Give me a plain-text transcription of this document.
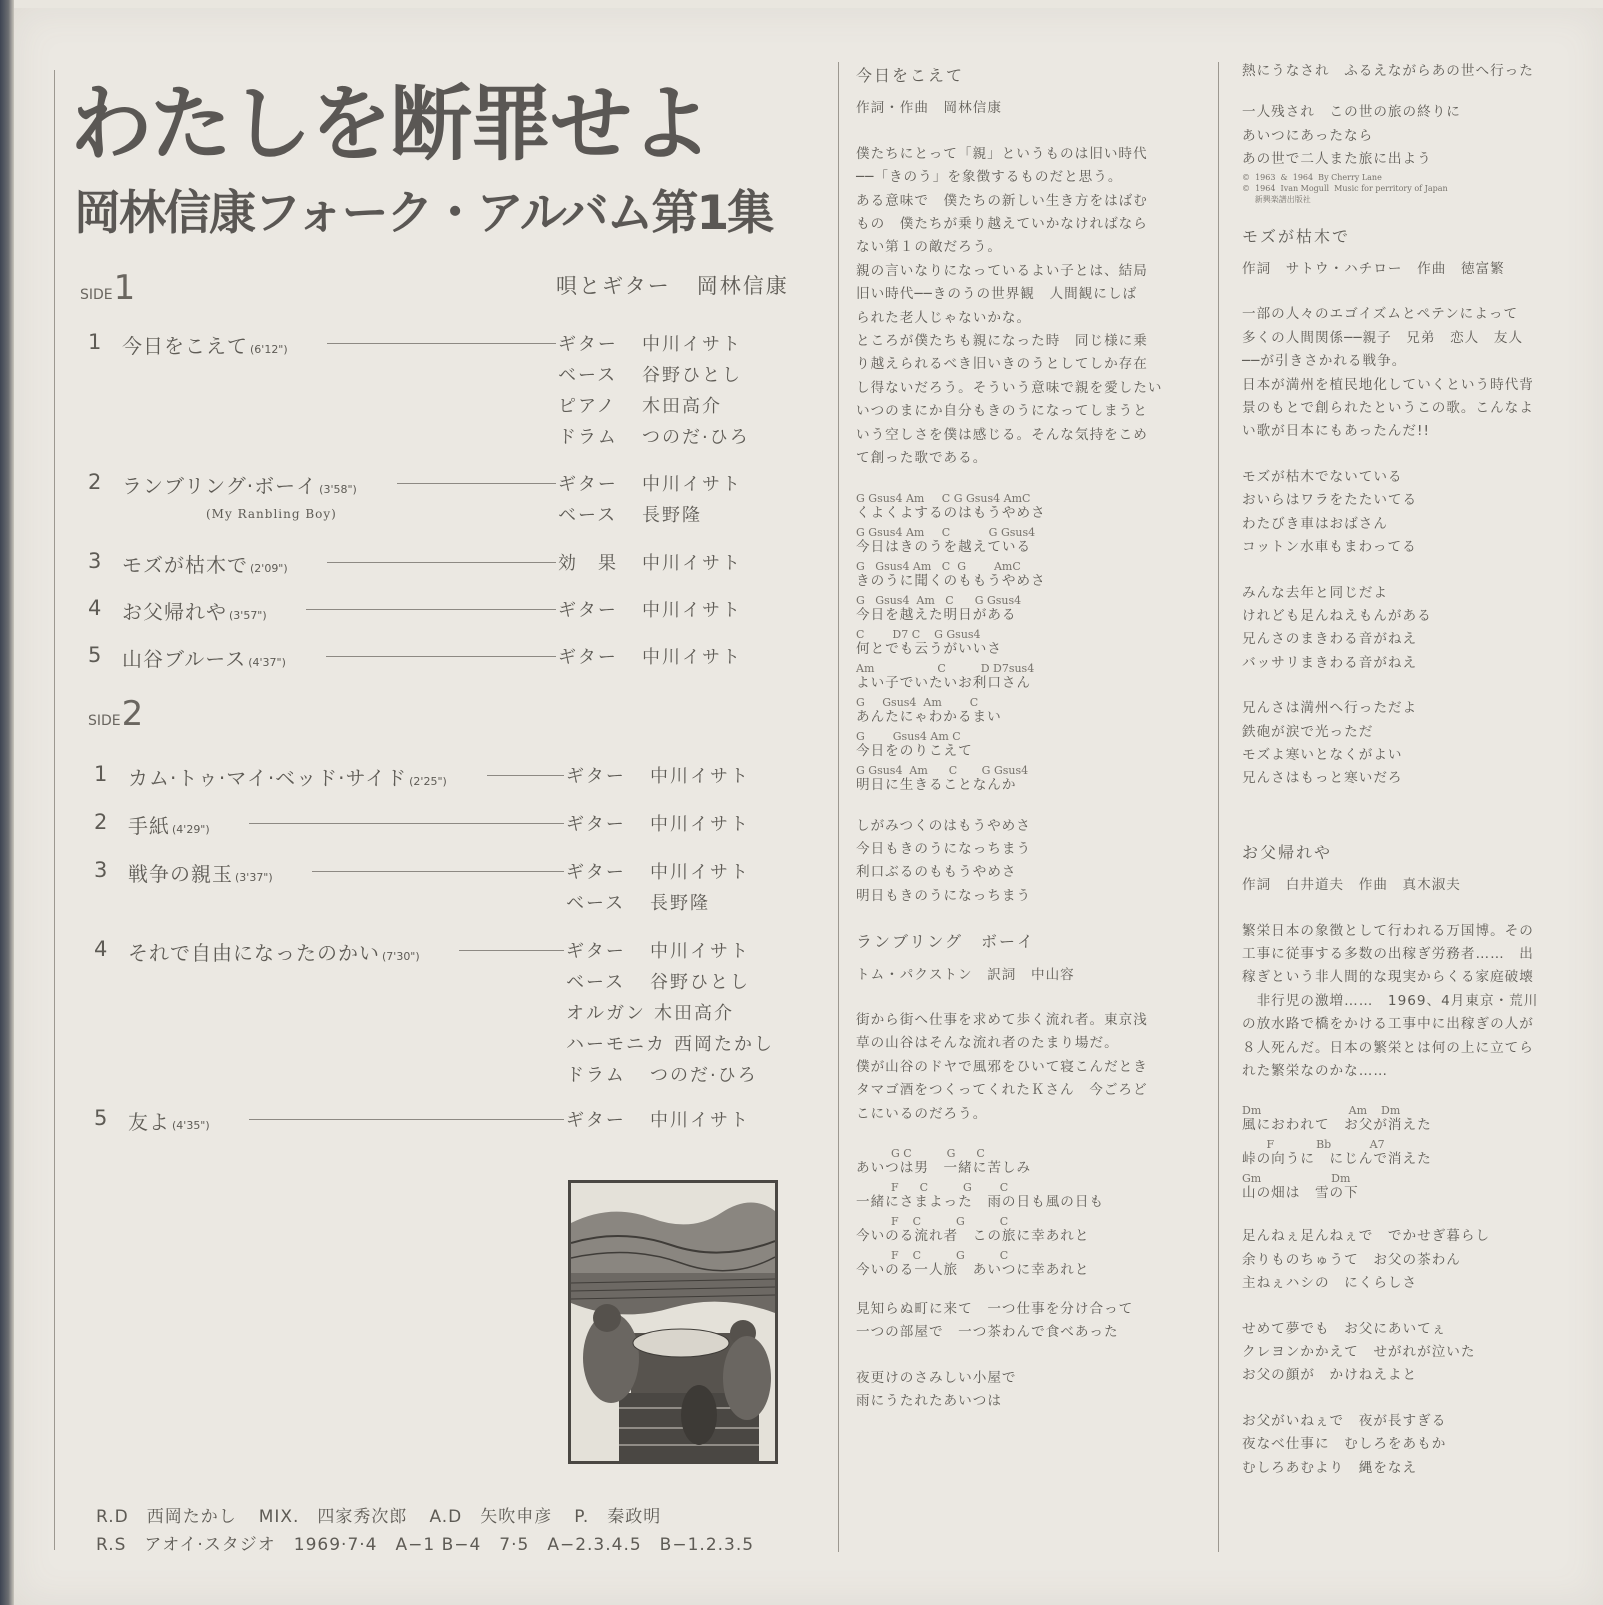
わたしを断罪せよ
岡林信康フォーク・アルバム第1集
唄とギター 岡林信康
SIDE1
1 今日をこえて (6'12")	ギター 中川イサト
ベース 谷野ひとし
ピアノ 木田高介
ドラム つのだ·ひろ
2 ランブリング·ボーイ (3'58")	ギター 中川イサト
ベース 長野隆
3 モズが枯木で (2'09")	効　果 中川イサト
4 お父帰れや (3'57")	ギター 中川イサト
5 山谷ブルース (4'37")	ギター 中川イサト
SIDE2
1 カム·トゥ·マイ·ベッド·サイド (2'25")	ギター 中川イサト
2 手紙 (4'29")	ギター 中川イサト
3 戦争の親玉 (3'37")	ギター 中川イサト
ベース 長野隆
4 それで自由になったのかい (7'30")	ギター 中川イサト
ベース 谷野ひとし
オルガン 木田高介
ハーモニカ 西岡たかし
ドラム つのだ·ひろ
5 友よ (4'35")	ギター 中川イサト
(My Ranbling Boy)
R.D　西岡たかし MIX.　四家秀次郎 A.D　矢吹申彦 P.　秦政明
R.S　アオイ·スタジオ　1969·7·4　A−1 B−4　7·5　A−2.3.4.5　B−1.2.3.5
今日をこえて
作詞・作曲　岡林信康
僕たちにとって「親」というものは旧い時代
──「きのう」を象徴するものだと思う。
ある意味で　僕たちの新しい生き方をはばむ
もの　僕たちが乗り越えていかなければなら
ない第１の敵だろう。
親の言いなりになっているよい子とは、結局
旧い時代──きのうの世界観　人間観にしば
られた老人じゃないかな。
ところが僕たちも親になった時　同じ様に乗
り越えられるべき旧いきのうとしてしか存在
し得ないだろう。そういう意味で親を愛したい
いつのまにか自分もきのうになってしまうと
いう空しさを僕は感じる。そんな気持をこめ
て創った歌である。
G Gsus4 Am     C G Gsus4 AmC
くよくよするのはもうやめさ
G Gsus4 Am     C           G Gsus4
今日はきのうを越えている
G   Gsus4 Am   C  G        AmC
きのうに聞くのももうやめさ
G   Gsus4  Am   C      G Gsus4
今日を越えた明日がある
C        D7 C    G Gsus4
何とでも云うがいいさ
Am                  C          D D7sus4
よい子でいたいお利口さん
G     Gsus4  Am        C
あんたにゃわかるまい
G        Gsus4 Am C
今日をのりこえて
G Gsus4  Am      C       G Gsus4
明日に生きることなんか
しがみつくのはもうやめさ
今日もきのうになっちまう
利口ぶるのももうやめさ
明日もきのうになっちまう
ランブリング　ボーイ
トム・パクストン　訳詞　中山容
街から街へ仕事を求めて歩く流れ者。東京浅
草の山谷はそんな流れ者のたまり場だ。
僕が山谷のドヤで風邪をひいて寝こんだとき
タマゴ酒をつくってくれたＫさん　今ごろど
こにいるのだろう。
G C          G      C
あいつは男　一緒に苦しみ
F      C          G        C
一緒にさまよった　雨の日も風の日も
F    C          G          C
今いのる流れ者　この旅に幸あれと
F    C          G          C
今いのる一人旅　あいつに幸あれと
見知らぬ町に来て　一つ仕事を分け合って
一つの部屋で　一つ茶わんで食べあった
夜更けのさみしい小屋で
雨にうたれたあいつは
熱にうなされ　ふるえながらあの世へ行った
一人残され　この世の旅の終りに
あいつにあったなら
あの世で二人また旅に出よう
©  1963  &  1964  By Cherry Lane
©  1964  Ivan Mogull  Music for perritory of Japan
新興楽譜出版社
モズが枯木で
作詞　サトウ・ハチロー　作曲　徳富繁
一部の人々のエゴイズムとペテンによって
多くの人間関係──親子　兄弟　恋人　友人
──が引きさかれる戦争。
日本が満州を植民地化していくという時代背
景のもとで創られたというこの歌。こんなよ
い歌が日本にもあったんだ!!
モズが枯木でないている
おいらはワラをたたいてる
わたびき車はおばさん
コットン水車もまわってる
みんな去年と同じだよ
けれども足んねえもんがある
兄んさのまきわる音がねえ
バッサリまきわる音がねえ
兄んさは満州へ行っただよ
鉄砲が涙で光っただ
モズよ寒いとなくがよい
兄んさはもっと寒いだろ
お父帰れや
作詞　白井道夫　作曲　真木淑夫
繁栄日本の象徴として行われる万国博。その
工事に従事する多数の出稼ぎ労務者……　出
稼ぎという非人間的な現実からくる家庭破壊
　非行児の激増……　1969、4月東京・荒川
の放水路で橋をかける工事中に出稼ぎの人が
８人死んだ。日本の繁栄とは何の上に立てら
れた繁栄なのかな……
Dm                         Am    Dm
風におわれて　お父が消えた
F            Bb           A7
峠の向うに　にじんで消えた
Gm                    Dm
山の畑は　雪の下
足んねぇ足んねぇで　でかせぎ暮らし
余りものちゅうて　お父の茶わん
主ねぇハシの　にくらしさ
せめて夢でも　お父にあいてぇ
クレヨンかかえて　せがれが泣いた
お父の顔が　かけねえよと
お父がいねぇで　夜が長すぎる
夜なべ仕事に　むしろをあもか
むしろあむより　縄をなえ
